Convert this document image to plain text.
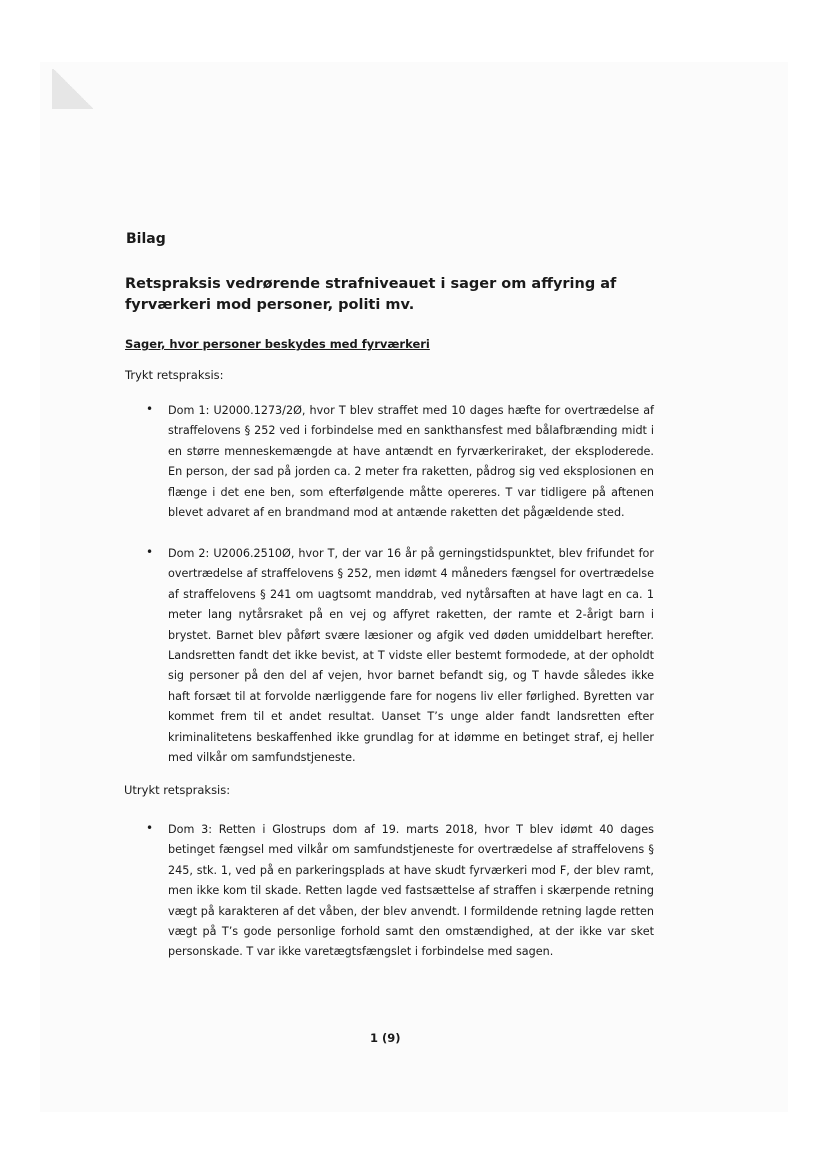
Bilag
Retspraksis vedrørende strafniveauet i sager om affyring af fyrværkeri mod personer, politi mv.
Sager, hvor personer beskydes med fyrværkeri
Trykt retspraksis:
• Dom 1: U2000.1273/2Ø, hvor T blev straffet med 10 dages hæfte for overtrædelse af straffelovens § 252 ved i forbindelse med en sankthansfest med bålafbrænding midt i en større menneskemængde at have antændt en fyrværkeriraket, der eksploderede. En person, der sad på jorden ca. 2 meter fra raketten, pådrog sig ved eksplosionen en flænge i det ene ben, som efterfølgende måtte opereres. T var tidligere på aftenen blevet advaret af en brandmand mod at antænde raketten det pågældende sted.
• Dom 2: U2006.2510Ø, hvor T, der var 16 år på gerningstidspunktet, blev frifundet for overtrædelse af straffelovens § 252, men idømt 4 måneders fængsel for overtrædelse af straffelovens § 241 om uagtsomt manddrab, ved nytårsaften at have lagt en ca. 1 meter lang nytårsraket på en vej og affyret raketten, der ramte et 2-årigt barn i brystet. Barnet blev påført svære læsioner og afgik ved døden umiddelbart herefter. Landsretten fandt det ikke bevist, at T vidste eller bestemt formodede, at der opholdt sig personer på den del af vejen, hvor barnet befandt sig, og T havde således ikke haft forsæt til at forvolde nærliggende fare for nogens liv eller førlighed. Byretten var kommet frem til et andet resultat. Uanset T’s unge alder fandt landsretten efter kriminalitetens beskaffenhed ikke grundlag for at idømme en betinget straf, ej heller med vilkår om samfundstjeneste.
Utrykt retspraksis:
• Dom 3: Retten i Glostrups dom af 19. marts 2018, hvor T blev idømt 40 dages betinget fængsel med vilkår om samfundstjeneste for overtrædelse af straffelovens § 245, stk. 1, ved på en parkeringsplads at have skudt fyrværkeri mod F, der blev ramt, men ikke kom til skade. Retten lagde ved fastsættelse af straffen i skærpende retning vægt på karakteren af det våben, der blev anvendt. I formildende retning lagde retten vægt på T’s gode personlige forhold samt den omstændighed, at der ikke var sket personskade. T var ikke varetægtsfængslet i forbindelse med sagen.
1 (9)
